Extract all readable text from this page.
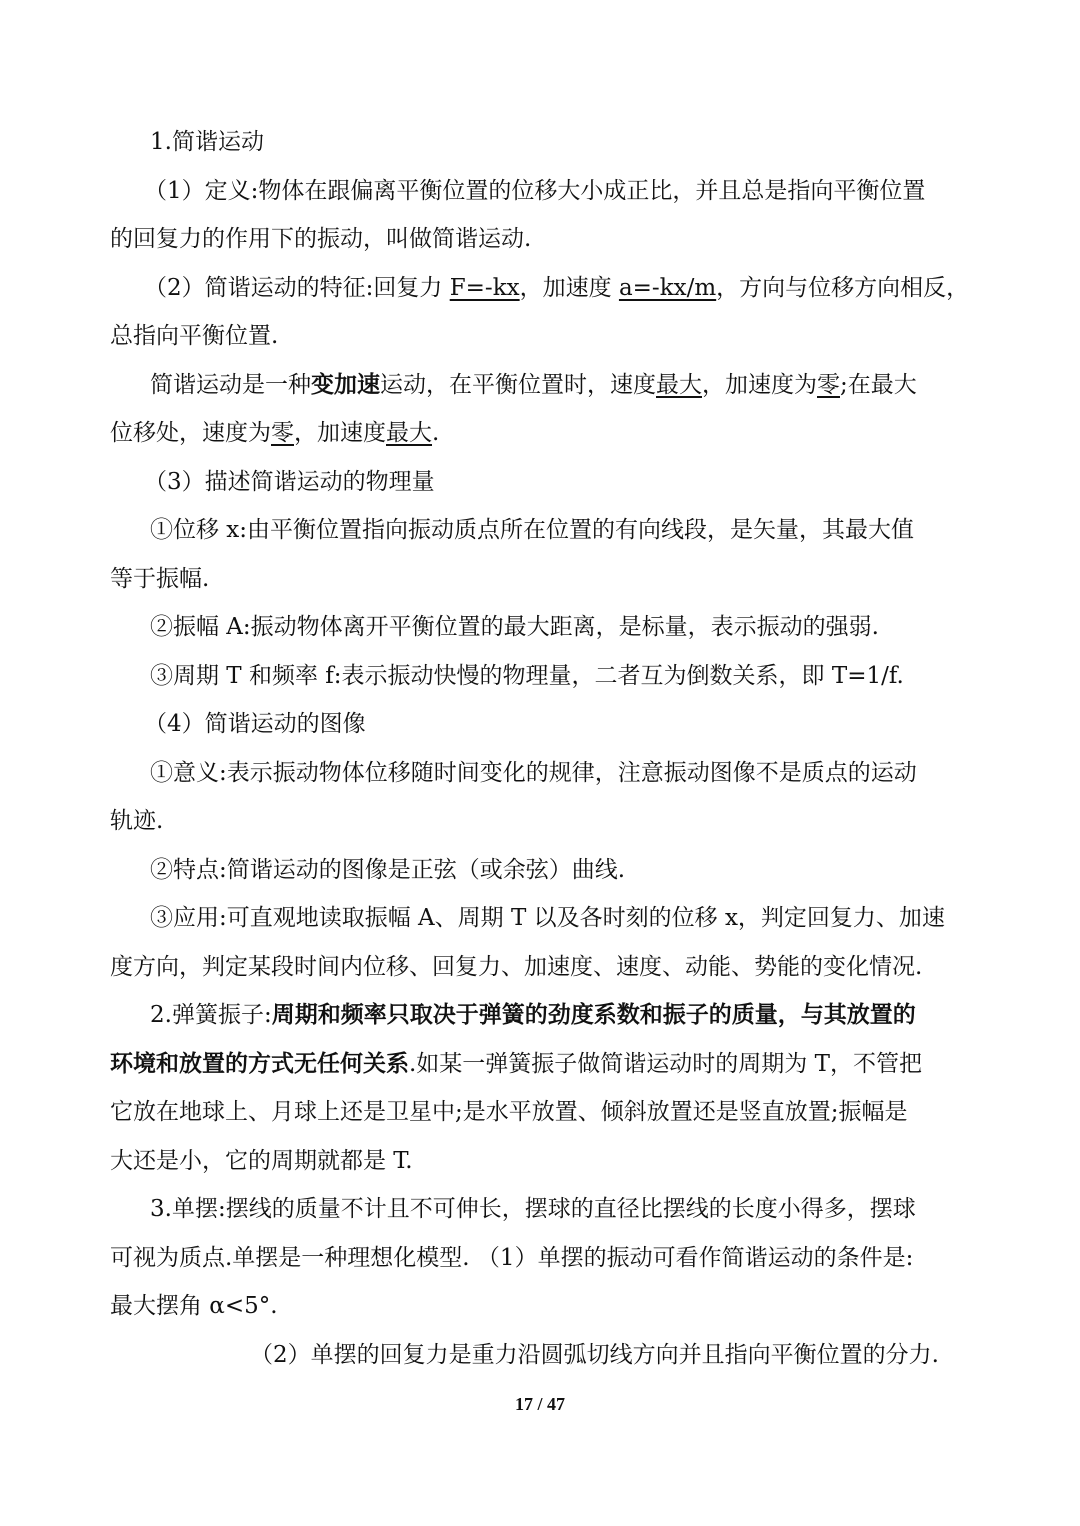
1.简谐运动

（1）定义:物体在跟偏离平衡位置的位移大小成正比，并且总是指向平衡位置

的回复力的作用下的振动，叫做简谐运动.

（2）简谐运动的特征:回复力 F=-kx，加速度 a=-kx/m，方向与位移方向相反，

总指向平衡位置.

简谐运动是一种变加速运动，在平衡位置时，速度最大，加速度为零;在最大

位移处，速度为零，加速度最大.

（3）描述简谐运动的物理量

①位移 x:由平衡位置指向振动质点所在位置的有向线段，是矢量，其最大值

等于振幅.

②振幅 A:振动物体离开平衡位置的最大距离，是标量，表示振动的强弱.

③周期 T 和频率 f:表示振动快慢的物理量，二者互为倒数关系，即 T=1/f.

（4）简谐运动的图像

①意义:表示振动物体位移随时间变化的规律，注意振动图像不是质点的运动

轨迹.

②特点:简谐运动的图像是正弦（或余弦）曲线.

③应用:可直观地读取振幅 A、周期 T 以及各时刻的位移 x，判定回复力、加速

度方向，判定某段时间内位移、回复力、加速度、速度、动能、势能的变化情况.

2.弹簧振子:周期和频率只取决于弹簧的劲度系数和振子的质量，与其放置的

环境和放置的方式无任何关系.如某一弹簧振子做简谐运动时的周期为 T，不管把

它放在地球上、月球上还是卫星中;是水平放置、倾斜放置还是竖直放置;振幅是

大还是小，它的周期就都是 T.

3.单摆:摆线的质量不计且不可伸长，摆球的直径比摆线的长度小得多，摆球

可视为质点.单摆是一种理想化模型. （1）单摆的振动可看作简谐运动的条件是:

最大摆角 α<5°.

（2）单摆的回复力是重力沿圆弧切线方向并且指向平衡位置的分力.

17 / 47
